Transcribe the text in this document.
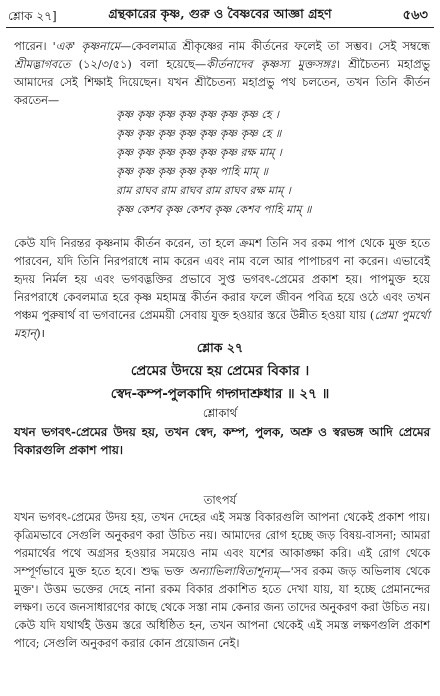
শ্লোক ২৭]	গ্রন্থকারের কৃষ্ণ, গুরু ও বৈষ্ণবের আজ্ঞা গ্রহণ	৫৬৩
পারেন। 'এক' কৃষ্ণনামে—কেবলমাত্র শ্রীকৃষ্ণের নাম কীর্তনের ফলেই তা সম্ভব। সেই সম্বন্ধে শ্রীমদ্ভাগবতে (১২/৩/৫১) বলা হয়েছে—কীর্তনাদেব কৃষ্ণস্য মুক্তসঙ্গঃ। শ্রীচৈতন্য মহাপ্রভু আমাদের সেই শিক্ষাই দিয়েছেন। যখন শ্রীচৈতন্য মহাপ্রভু পথ চলতেন, তখন তিনি কীর্তন করতেন—
কৃষ্ণ কৃষ্ণ কৃষ্ণ কৃষ্ণ কৃষ্ণ কৃষ্ণ কৃষ্ণ হে ।
কৃষ্ণ কৃষ্ণ কৃষ্ণ কৃষ্ণ কৃষ্ণ কৃষ্ণ কৃষ্ণ হে ॥
কৃষ্ণ কৃষ্ণ কৃষ্ণ কৃষ্ণ কৃষ্ণ কৃষ্ণ রক্ষ মাম্ ।
কৃষ্ণ কৃষ্ণ কৃষ্ণ কৃষ্ণ কৃষ্ণ পাহি মাম্ ॥
রাম রাঘব রাম রাঘব রাম রাঘব রক্ষ মাম্ ।
কৃষ্ণ কেশব কৃষ্ণ কেশব কৃষ্ণ কেশব পাহি মাম্ ॥
কেউ যদি নিরন্তর কৃষ্ণনাম কীর্তন করেন, তা হলে ক্রমশ তিনি সব রকম পাপ থেকে মুক্ত হতে পারবেন, যদি তিনি নিরপরাধে নাম করেন এবং নাম বলে আর পাপাচরণ না করেন। এভাবেই হৃদয় নির্মল হয় এবং ভগবদ্ভক্তির প্রভাবে সুপ্ত ভগবৎ-প্রেমের প্রকাশ হয়। পাপমুক্ত হয়ে নিরপরাধে কেবলমাত্র হরে কৃষ্ণ মহামন্ত্র কীর্তন করার ফলে জীবন পবিত্র হয়ে ওঠে এবং তখন পঞ্চম পুরুষার্থ বা ভগবানের প্রেমময়ী সেবায় যুক্ত হওয়ার স্তরে উন্নীত হওয়া যায় (প্রেমা পুমর্থো মহান্)।
শ্লোক ২৭
প্রেমের উদয়ে হয় প্রেমের বিকার ।
স্বেদ-কম্প-পুলকাদি গদ্গদাশ্রুধার ॥ ২৭ ॥
শ্লোকার্থ
যখন ভগবৎ-প্রেমের উদয় হয়, তখন স্বেদ, কম্প, পুলক, অশ্রু ও স্বরভঙ্গ আদি প্রেমের বিকারগুলি প্রকাশ পায়।
তাৎপর্য
যখন ভগবৎ-প্রেমের উদয় হয়, তখন দেহের এই সমস্ত বিকারগুলি আপনা থেকেই প্রকাশ পায়। কৃত্রিমভাবে সেগুলি অনুকরণ করা উচিত নয়। আমাদের রোগ হচ্ছে জড় বিষয়-বাসনা; আমরা পরমার্থের পথে অগ্রসর হওয়ার সময়েও নাম এবং যশের আকাঙ্ক্ষা করি। এই রোগ থেকে সম্পূর্ণভাবে মুক্ত হতে হবে। শুদ্ধ ভক্ত অন্যাভিলাষিতাশূন্যম্—'সব রকম জড় অভিলাষ থেকে মুক্ত'। উত্তম ভক্তের দেহে নানা রকম বিকার প্রকাশিত হতে দেখা যায়, যা হচ্ছে প্রেমানন্দের লক্ষণ। তবে জনসাধারণের কাছে থেকে সস্তা নাম কেনার জন্য তাদের অনুকরণ করা উচিত নয়। কেউ যদি যথার্থই উত্তম স্তরে অধিষ্ঠিত হন, তখন আপনা থেকেই এই সমস্ত লক্ষণগুলি প্রকাশ পাবে; সেগুলি অনুকরণ করার কোন প্রয়োজন নেই।
